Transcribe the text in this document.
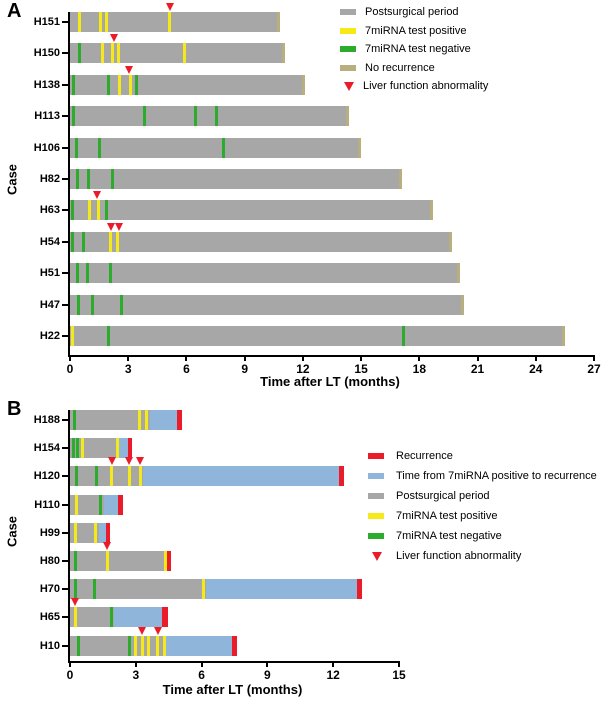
A
Case
0	3	6	9	12	15	18	21	24	27
H151
H150
H138
H113
H106
H82
H63
H54
H51
H47
H22
Time after LT (months)
Postsurgical period
7miRNA test positive
7miRNA test negative
No recurrence
Liver function abnormality
B
Case
0	3	6	9	12	15
H188
H154
H120
H110
H99
H80
H70
H65
H10
Time after LT (months)
Recurrence
Time from 7miRNA positive to recurrence
Postsurgical period
7miRNA test positive
7miRNA test negative
Liver function abnormality
